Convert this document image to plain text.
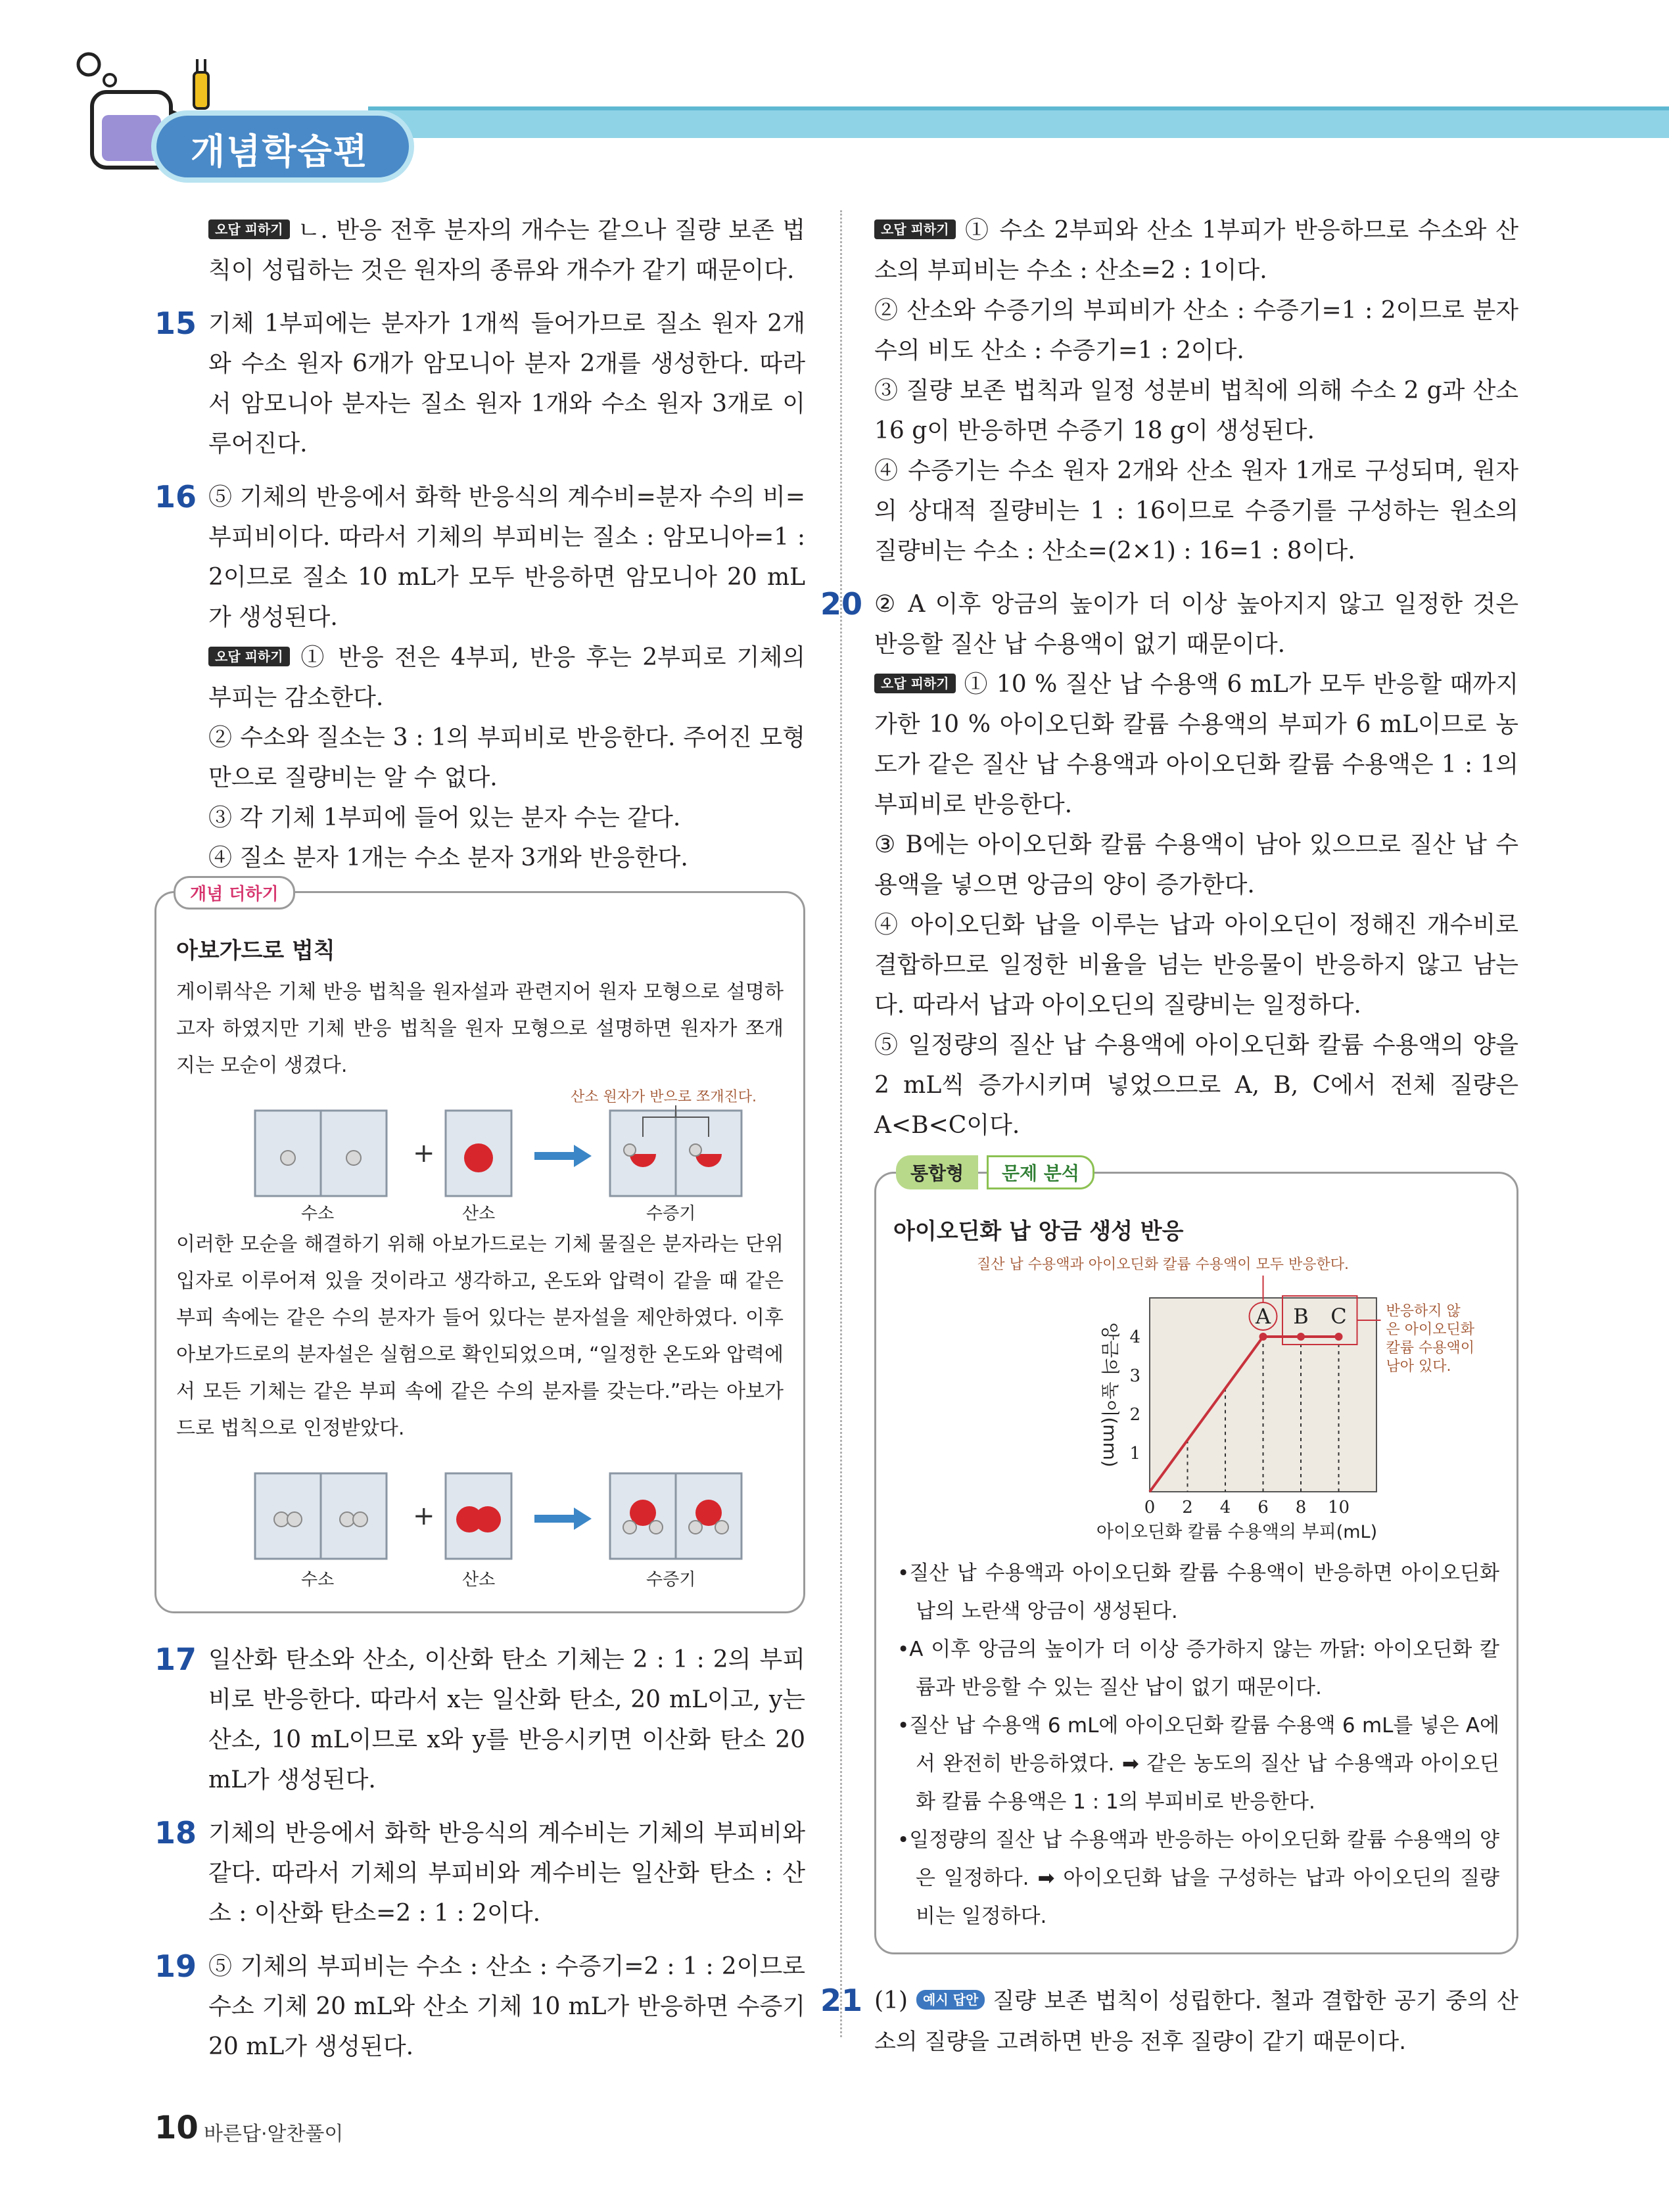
개념학습편
오답 피하기 ㄴ. 반응 전후 분자의 개수는 같으나 질량 보존 법칙이 성립하는 것은 원자의 종류와 개수가 같기 때문이다.
15 기체 1부피에는 분자가 1개씩 들어가므로 질소 원자 2개와 수소 원자 6개가 암모니아 분자 2개를 생성한다. 따라서 암모니아 분자는 질소 원자 1개와 수소 원자 3개로 이루어진다.
16 ⑤ 기체의 반응에서 화학 반응식의 계수비=분자 수의 비=부피비이다. 따라서 기체의 부피비는 질소 : 암모니아=1 : 2이므로 질소 10 mL가 모두 반응하면 암모니아 20 mL가 생성된다.
오답 피하기 ① 반응 전은 4부피, 반응 후는 2부피로 기체의 부피는 감소한다.
② 수소와 질소는 3 : 1의 부피비로 반응한다. 주어진 모형만으로 질량비는 알 수 없다.
③ 각 기체 1부피에 들어 있는 분자 수는 같다.
④ 질소 분자 1개는 수소 분자 3개와 반응한다.
개념 더하기
아보가드로 법칙
게이뤼삭은 기체 반응 법칙을 원자설과 관련지어 원자 모형으로 설명하고자 하였지만 기체 반응 법칙을 원자 모형으로 설명하면 원자가 쪼개지는 모순이 생겼다.
산소 원자가 반으로 쪼개진다.
+
수소	산소	수증기
이러한 모순을 해결하기 위해 아보가드로는 기체 물질은 분자라는 단위 입자로 이루어져 있을 것이라고 생각하고, 온도와 압력이 같을 때 같은 부피 속에는 같은 수의 분자가 들어 있다는 분자설을 제안하였다. 이후 아보가드로의 분자설은 실험으로 확인되었으며, “일정한 온도와 압력에서 모든 기체는 같은 부피 속에 같은 수의 분자를 갖는다.”라는 아보가드로 법칙으로 인정받았다.
+
수소	산소	수증기
17 일산화 탄소와 산소, 이산화 탄소 기체는 2 : 1 : 2의 부피비로 반응한다. 따라서 x는 일산화 탄소, 20 mL이고, y는 산소, 10 mL이므로 x와 y를 반응시키면 이산화 탄소 20 mL가 생성된다.
18 기체의 반응에서 화학 반응식의 계수비는 기체의 부피비와 같다. 따라서 기체의 부피비와 계수비는 일산화 탄소 : 산소 : 이산화 탄소=2 : 1 : 2이다.
19 ⑤ 기체의 부피비는 수소 : 산소 : 수증기=2 : 1 : 2이므로 수소 기체 20 mL와 산소 기체 10 mL가 반응하면 수증기 20 mL가 생성된다.
오답 피하기 ① 수소 2부피와 산소 1부피가 반응하므로 수소와 산소의 부피비는 수소 : 산소=2 : 1이다.
② 산소와 수증기의 부피비가 산소 : 수증기=1 : 2이므로 분자 수의 비도 산소 : 수증기=1 : 2이다.
③ 질량 보존 법칙과 일정 성분비 법칙에 의해 수소 2 g과 산소 16 g이 반응하면 수증기 18 g이 생성된다.
④ 수증기는 수소 원자 2개와 산소 원자 1개로 구성되며, 원자의 상대적 질량비는 1 : 16이므로 수증기를 구성하는 원소의 질량비는 수소 : 산소=(2×1) : 16=1 : 8이다.
20 ② A 이후 앙금의 높이가 더 이상 높아지지 않고 일정한 것은 반응할 질산 납 수용액이 없기 때문이다.
오답 피하기 ① 10 % 질산 납 수용액 6 mL가 모두 반응할 때까지 가한 10 % 아이오딘화 칼륨 수용액의 부피가 6 mL이므로 농도가 같은 질산 납 수용액과 아이오딘화 칼륨 수용액은 1 : 1의 부피비로 반응한다.
③ B에는 아이오딘화 칼륨 수용액이 남아 있으므로 질산 납 수용액을 넣으면 앙금의 양이 증가한다.
④ 아이오딘화 납을 이루는 납과 아이오딘이 정해진 개수비로 결합하므로 일정한 비율을 넘는 반응물이 반응하지 않고 남는다. 따라서 납과 아이오딘의 질량비는 일정하다.
⑤ 일정량의 질산 납 수용액에 아이오딘화 칼륨 수용액의 양을 2 mL씩 증가시키며 넣었으므로 A, B, C에서 전체 질량은 A<B<C이다.
통합형	문제 분석
아이오딘화 납 앙금 생성 반응
질산 납 수용액과 아이오딘화 칼륨 수용액이 모두 반응한다.
앙금의 높이(mm) 1
2
3
4
0 2 4 6 8 10
A B C	반응하지 않
은 아이오딘화
칼륨 수용액이
남아 있다.
아이오딘화 칼륨 수용액의 부피(mL)
•질산 납 수용액과 아이오딘화 칼륨 수용액이 반응하면 아이오딘화 납의 노란색 앙금이 생성된다.
•A 이후 앙금의 높이가 더 이상 증가하지 않는 까닭: 아이오딘화 칼륨과 반응할 수 있는 질산 납이 없기 때문이다.
•질산 납 수용액 6 mL에 아이오딘화 칼륨 수용액 6 mL를 넣은 A에서 완전히 반응하였다. ➡ 같은 농도의 질산 납 수용액과 아이오딘화 칼륨 수용액은 1 : 1의 부피비로 반응한다.
•일정량의 질산 납 수용액과 반응하는 아이오딘화 칼륨 수용액의 양은 일정하다. ➡ 아이오딘화 납을 구성하는 납과 아이오딘의 질량비는 일정하다.
21 (1) 예시 답안 질량 보존 법칙이 성립한다. 철과 결합한 공기 중의 산소의 질량을 고려하면 반응 전후 질량이 같기 때문이다.
10 바른답·알찬풀이
